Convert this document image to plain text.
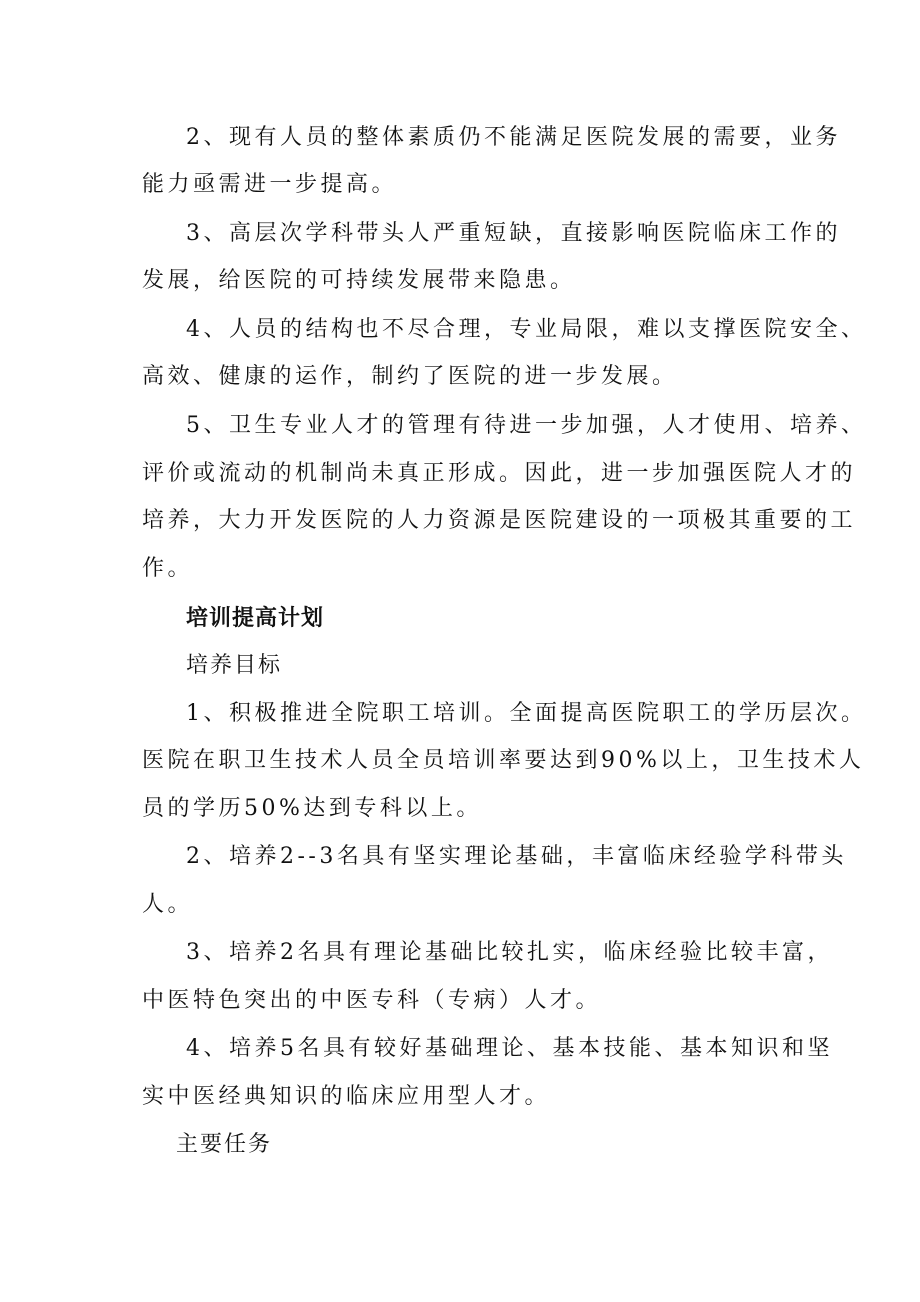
2、现有人员的整体素质仍不能满足医院发展的需要，业务
能力亟需进一步提高。
3、高层次学科带头人严重短缺，直接影响医院临床工作的
发展，给医院的可持续发展带来隐患。
4、人员的结构也不尽合理，专业局限，难以支撑医院安全、
高效、健康的运作，制约了医院的进一步发展。
5、卫生专业人才的管理有待进一步加强，人才使用、培养、
评价或流动的机制尚未真正形成。因此，进一步加强医院人才的
培养，大力开发医院的人力资源是医院建设的一项极其重要的工
作。
培训提高计划
培养目标
1、积极推进全院职工培训。全面提高医院职工的学历层次。
医院在职卫生技术人员全员培训率要达到90%以上，卫生技术人
员的学历50%达到专科以上。
2、培养2--3名具有坚实理论基础，丰富临床经验学科带头
人。
3、培养2名具有理论基础比较扎实，临床经验比较丰富，
中医特色突出的中医专科（专病）人才。
4、培养5名具有较好基础理论、基本技能、基本知识和坚
实中医经典知识的临床应用型人才。
主要任务
